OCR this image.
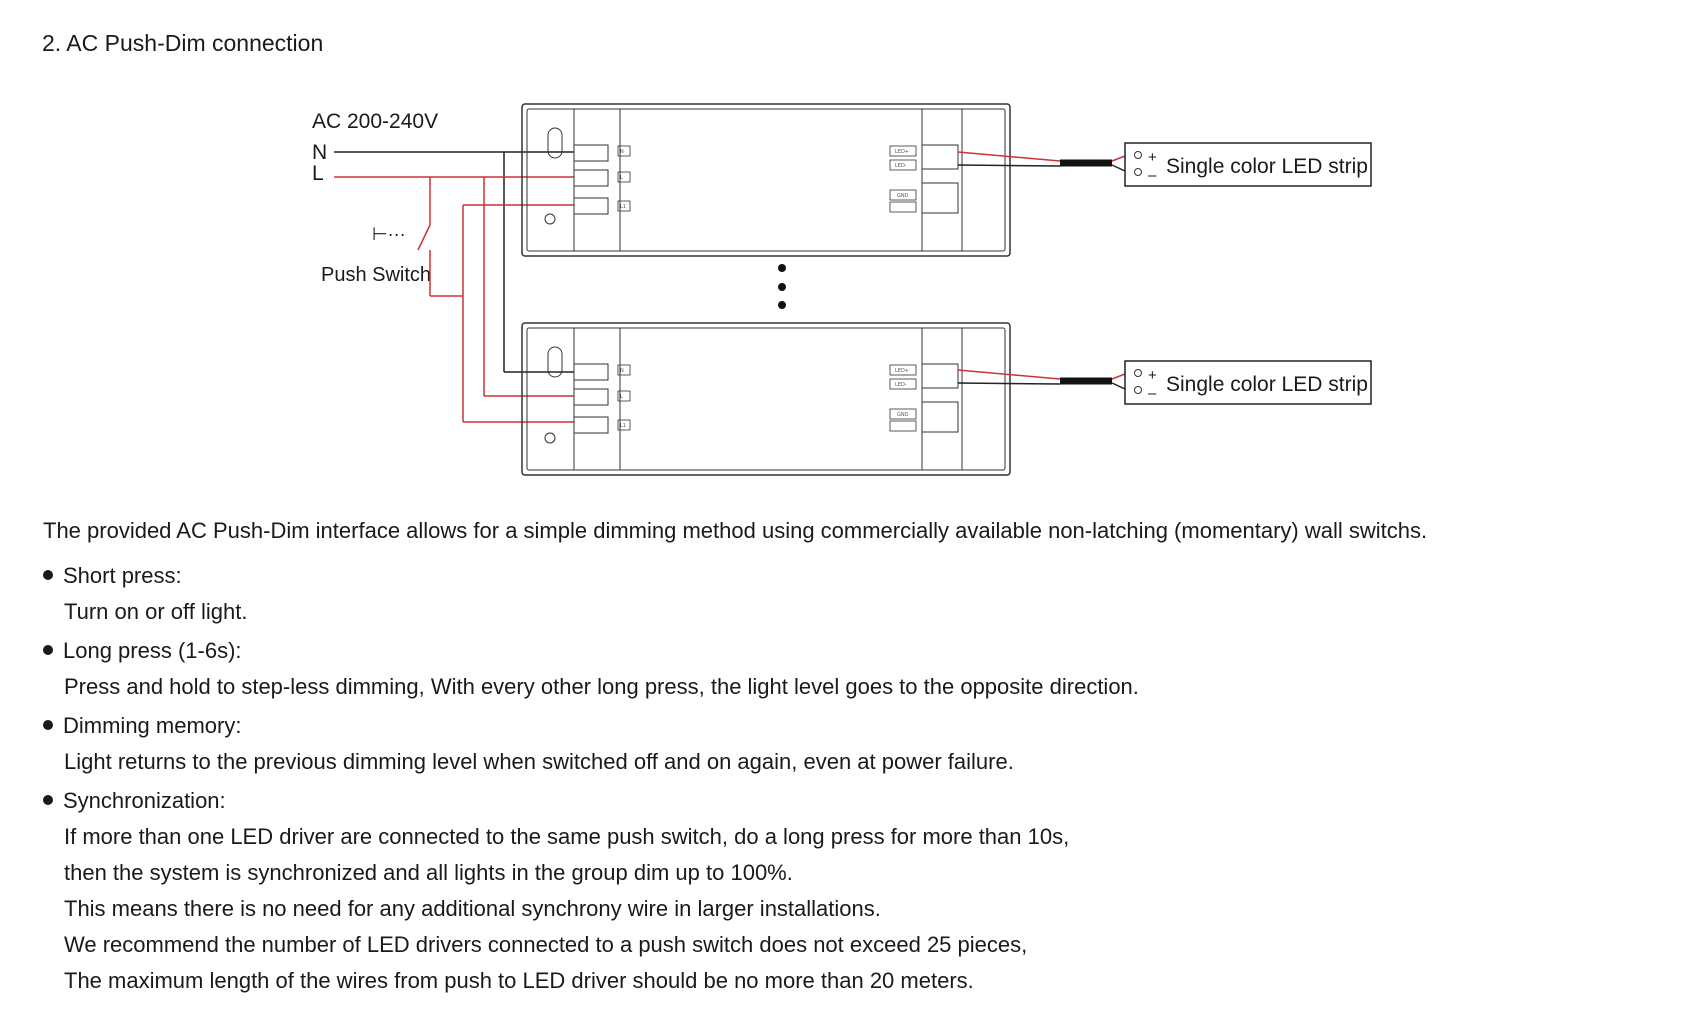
2. AC Push-Dim connection
AC 200-240V
N
L
⊢···
Push Switch
N
L
L1
LED+
LED-
GND
N
L
L1
LED+
LED-
GND
+
– Single color LED strip
+
– Single color LED strip
The provided AC Push-Dim interface allows for a simple dimming method using commercially available non-latching (momentary) wall switchs.
Short press:
Turn on or off light.
Long press (1-6s):
Press and hold to step-less dimming, With every other long press, the light level goes to the opposite direction.
Dimming memory:
Light returns to the previous dimming level when switched off and on again, even at power failure.
Synchronization:
If more than one LED driver are connected to the same push switch, do a long press for more than 10s,
then the system is synchronized and all lights in the group dim up to 100%.
This means there is no need for any additional synchrony wire in larger installations.
We recommend the number of LED drivers connected to a push switch does not exceed 25 pieces,
The maximum length of the wires from push to LED driver should be no more than 20 meters.
